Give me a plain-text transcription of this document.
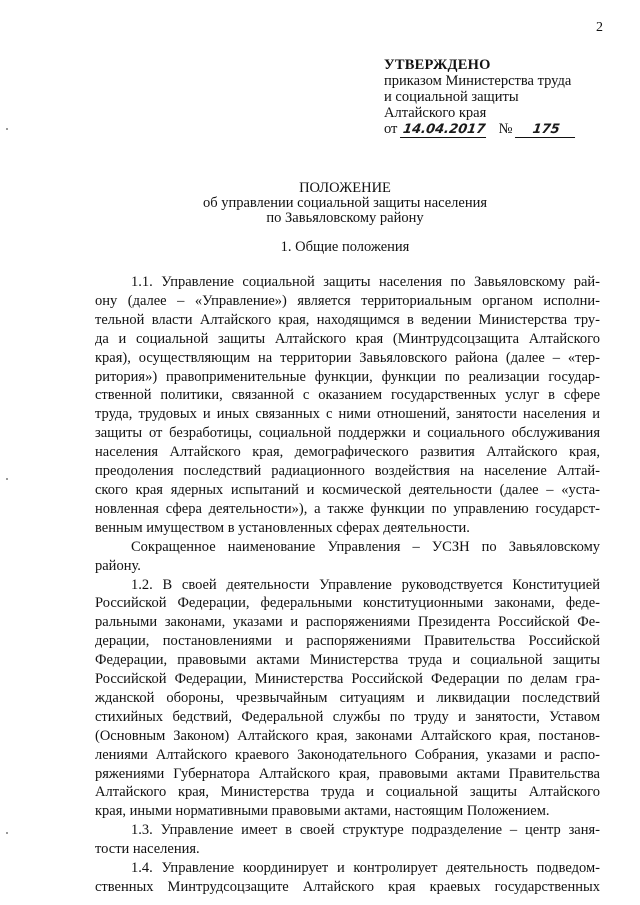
2
УТВЕРЖДЕНО
приказом Министерства труда
и социальной защиты
Алтайского края
от 14.04.2017 № 175
ПОЛОЖЕНИЕ
об управлении социальной защиты населения
по Завьяловскому району
1. Общие положения
1.1. Управление социальной защиты населения по Завьяловскому рай-
ону (далее – «Управление») является территориальным органом исполни-
тельной власти Алтайского края, находящимся в ведении Министерства тру-
да и социальной защиты Алтайского края (Минтрудсоцзащита Алтайского
края), осуществляющим на территории Завьяловского района (далее – «тер-
ритория») правоприменительные функции, функции по реализации государ-
ственной политики, связанной с оказанием государственных услуг в сфере
труда, трудовых и иных связанных с ними отношений, занятости населения и
защиты от безработицы, социальной поддержки и социального обслуживания
населения Алтайского края, демографического развития Алтайского края,
преодоления последствий радиационного воздействия на население Алтай-
ского края ядерных испытаний и космической деятельности (далее – «уста-
новленная сфера деятельности»), а также функции по управлению государст-
венным имуществом в установленных сферах деятельности.
Сокращенное наименование Управления – УСЗН по Завьяловскому
району.
1.2. В своей деятельности Управление руководствуется Конституцией
Российской Федерации, федеральными конституционными законами, феде-
ральными законами, указами и распоряжениями Президента Российской Фе-
дерации, постановлениями и распоряжениями Правительства Российской
Федерации, правовыми актами Министерства труда и социальной защиты
Российской Федерации, Министерства Российской Федерации по делам гра-
жданской обороны, чрезвычайным ситуациям и ликвидации последствий
стихийных бедствий, Федеральной службы по труду и занятости, Уставом
(Основным Законом) Алтайского края, законами Алтайского края, постанов-
лениями Алтайского краевого Законодательного Собрания, указами и распо-
ряжениями Губернатора Алтайского края, правовыми актами Правительства
Алтайского края, Министерства труда и социальной защиты Алтайского
края, иными нормативными правовыми актами, настоящим Положением.
1.3. Управление имеет в своей структуре подразделение – центр заня-
тости населения.
1.4. Управление координирует и контролирует деятельность подведом-
ственных Минтрудсоцзащите Алтайского края краевых государственных
